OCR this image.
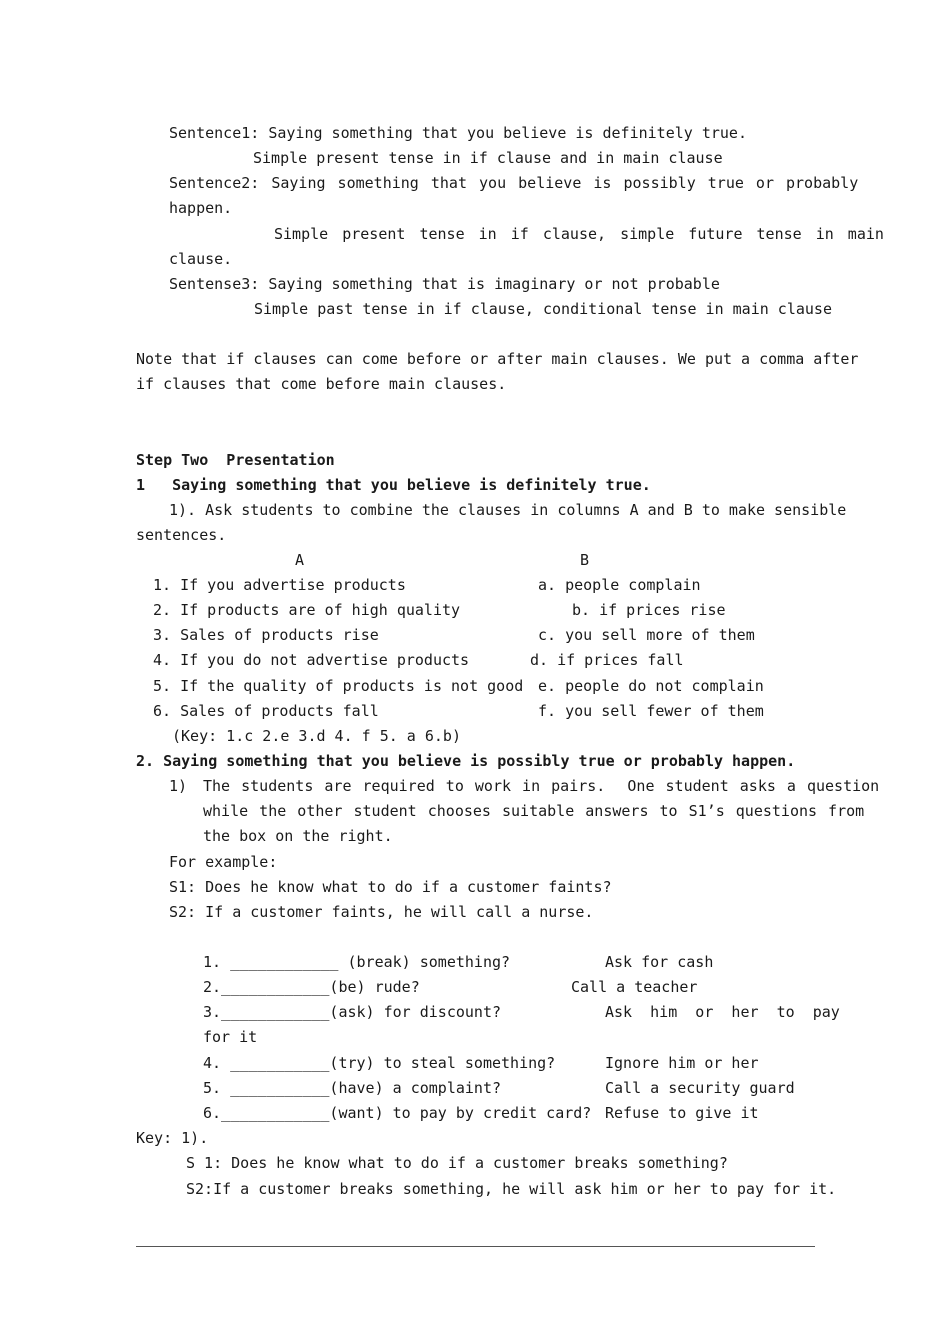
Sentence1: Saying something that you believe is definitely true.
Simple present tense in if clause and in main clause
Sentence2: Saying something that you believe is possibly true or probably
happen.
Simple present tense in if clause, simple future tense in main
clause.
Sentense3: Saying something that is imaginary or not probable
Simple past tense in if clause, conditional tense in main clause
Note that if clauses can come before or after main clauses. We put a comma after
if clauses that come before main clauses.
Step Two  Presentation
1   Saying something that you believe is definitely true.
1). Ask students to combine the clauses in columns A and B to make sensible
sentences.
A	B
1. If you advertise products
2. If products are of high quality
3. Sales of products rise
4. If you do not advertise products
5. If the quality of products is not good
6. Sales of products fall
a. people complain
b. if prices rise
c. you sell more of them
d. if prices fall
e. people do not complain
f. you sell fewer of them
(Key: 1.c 2.e 3.d 4. f 5. a 6.b)
2. Saying something that you believe is possibly true or probably happen.
1) The students are required to work in pairs.  One student asks a question
while the other student chooses suitable answers to S1’s questions from
the box on the right.
For example:
S1: Does he know what to do if a customer faints?
S2: If a customer faints, he will call a nurse.
1. ____________ (break) something?
2.____________(be) rude?
3.____________(ask) for discount?
4. ___________(try) to steal something?
5. ___________(have) a complaint?
6.____________(want) to pay by credit card?
Ask for cash
Call a teacher
Ask  him  or  her  to  pay
for it
Ignore him or her
Call a security guard
Refuse to give it
Key: 1).
S 1: Does he know what to do if a customer breaks something?
S2:If a customer breaks something, he will ask him or her to pay for it.
